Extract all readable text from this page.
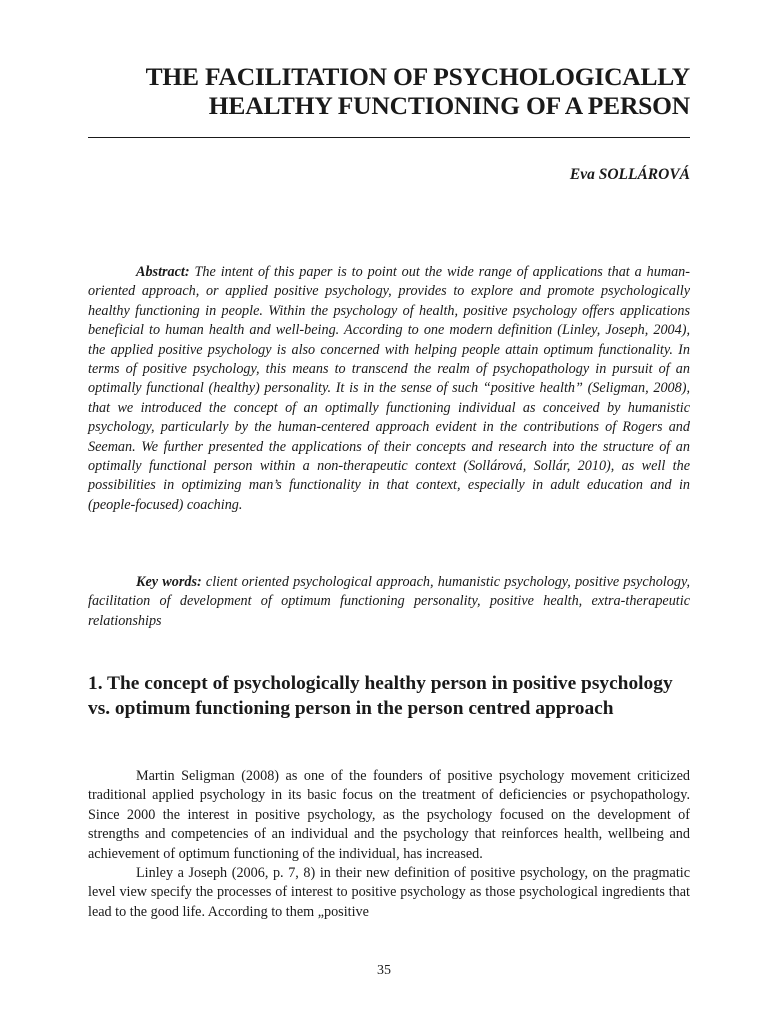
THE FACILITATION OF PSYCHOLOGICALLY
HEALTHY FUNCTIONING OF A PERSON
Eva SOLLÁROVÁ

Abstract: The intent of this paper is to point out the wide range of applications that a human-oriented approach, or applied positive psychology, provides to explore and promote psychologically healthy functioning in people. Within the psychology of health, positive psychology offers applications beneficial to human health and well-being. According to one modern definition (Linley, Joseph, 2004), the applied positive psychology is also concerned with helping people attain optimum functionality. In terms of positive psychology, this means to transcend the realm of psychopathology in pursuit of an optimally functional (healthy) personality. It is in the sense of such “positive health” (Seligman, 2008), that we introduced the concept of an optimally functioning individual as conceived by humanistic psychology, particularly by the human-centered approach evident in the contributions of Rogers and Seeman. We further presented the applications of their concepts and research into the structure of an optimally functional person within a non-therapeutic context (Sollárová, Sollár, 2010), as well the possibilities in optimizing man’s functionality in that context, especially in adult education and in (people-focused) coaching.

Key words: client oriented psychological approach, humanistic psychology, positive psychology, facilitation of development of optimum functioning personality, positive health, extra-therapeutic relationships

1. The concept of psychologically healthy person in positive psychology vs. optimum functioning person in the person centred approach

Martin Seligman (2008) as one of the founders of positive psychology movement criticized traditional applied psychology in its basic focus on the treatment of deficiencies or psychopathology. Since 2000 the interest in positive psychology, as the psychology focused on the development of strengths and competencies of an individual and the psychology that reinforces health, wellbeing and achievement of optimum functioning of the individual, has increased.

Linley a Joseph (2006, p. 7, 8) in their new definition of positive psychology, on the pragmatic level view specify the processes of interest to positive psychology as those psychological ingredients that lead to the good life. According to them „positive

35
